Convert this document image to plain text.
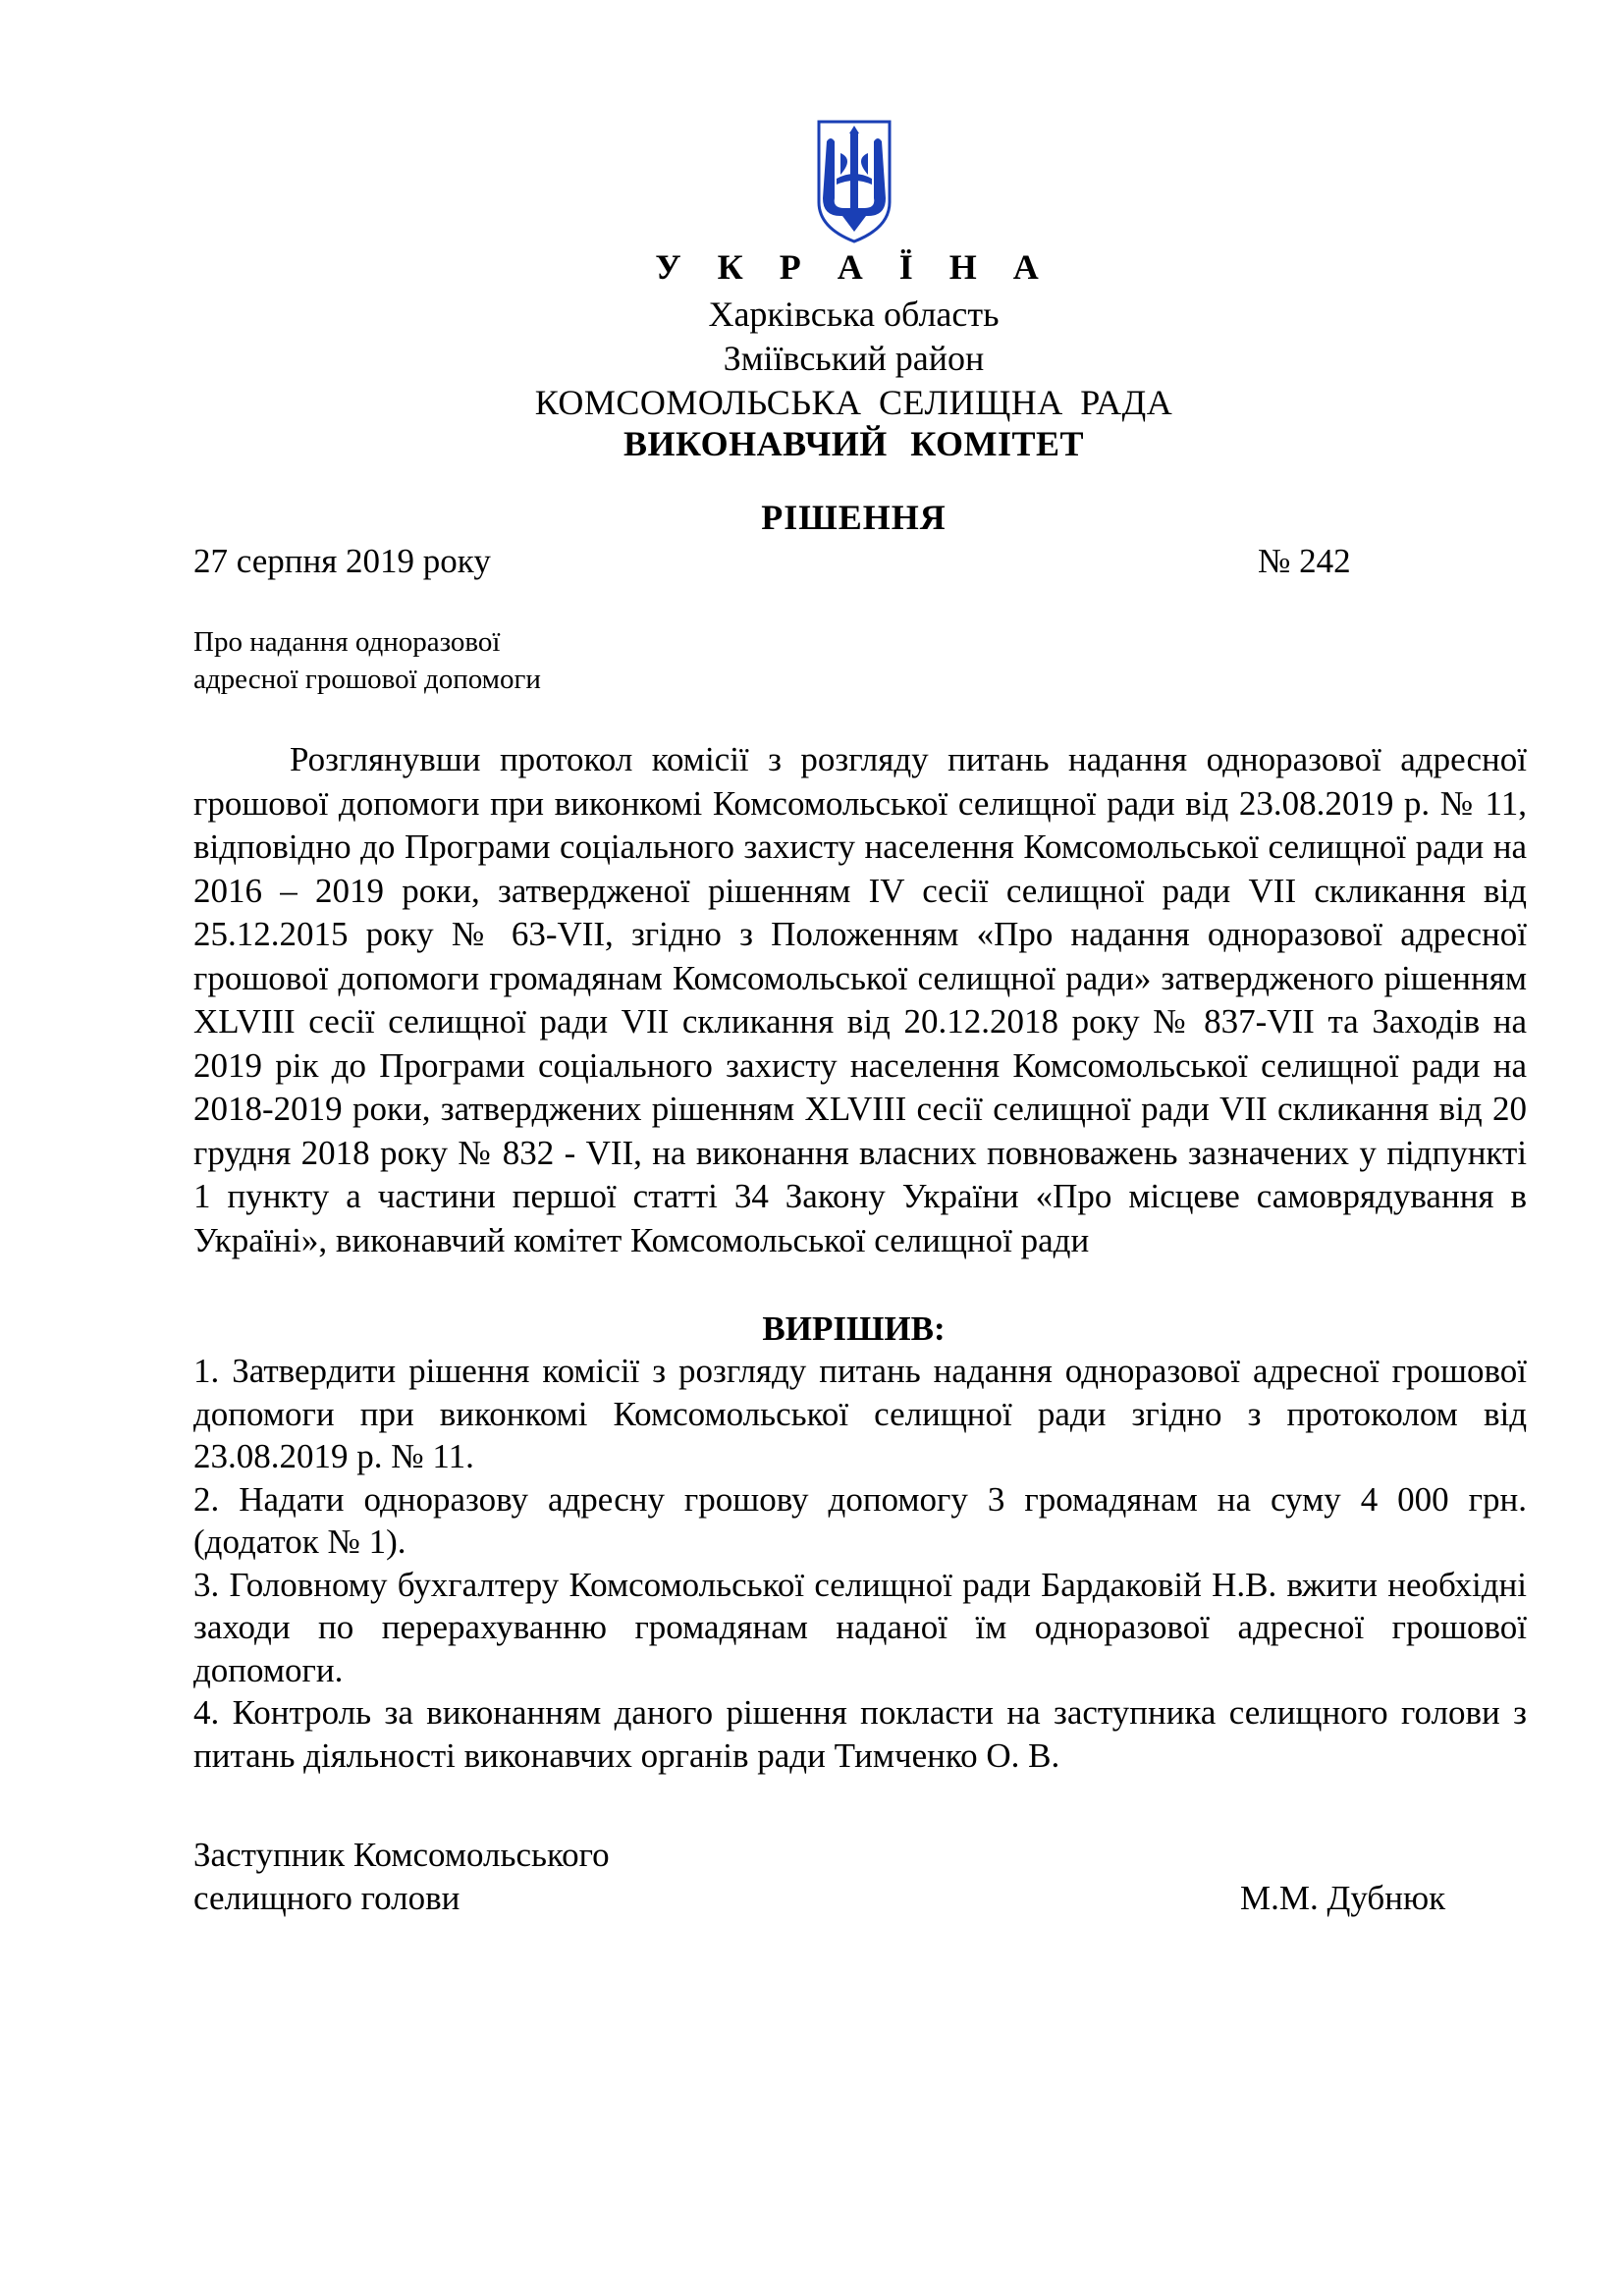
У К Р А Ї Н А
Харківська область
Зміївський район
КОМСОМОЛЬСЬКА СЕЛИЩНА РАДА
ВИКОНАВЧИЙ КОМІТЕТ
РІШЕННЯ
27 серпня 2019 року	№ 242
Про надання одноразової
адресної грошової допомоги

Розглянувши протокол комісії з розгляду питань надання одноразової адресної грошової допомоги при виконкомі Комсомольської селищної ради від 23.08.2019 р. № 11, відповідно до Програми соціального захисту населення Комсомольської селищної ради на 2016 – 2019 роки, затвердженої рішенням IV сесії селищної ради VII скликання від 25.12.2015 року № 63-VII, згідно з Положенням «Про надання одноразової адресної грошової допомоги громадянам Комсомольської селищної ради» затвердженого рішенням XLVIII сесії селищної ради VII скликання від 20.12.2018 року № 837-VII та Заходів на 2019 рік до Програми соціального захисту населення Комсомольської селищної ради на 2018-2019 роки, затверджених рішенням XLVIII сесії селищної ради VII скликання від 20 грудня 2018 року № 832 - VII, на виконання власних повноважень зазначених у підпункті 1 пункту а частини першої статті 34 Закону України «Про місцеве самоврядування в Україні», виконавчий комітет Комсомольської селищної ради

ВИРІШИВ:

1. Затвердити рішення комісії з розгляду питань надання одноразової адресної грошової допомоги при виконкомі Комсомольської селищної ради згідно з протоколом від 23.08.2019 р. № 11.

2. Надати одноразову адресну грошову допомогу 3 громадянам на суму 4 000 грн. (додаток № 1).

3. Головному бухгалтеру Комсомольської селищної ради Бардаковій Н.В. вжити необхідні заходи по перерахуванню громадянам наданої їм одноразової адресної грошової допомоги.

4. Контроль за виконанням даного рішення покласти на заступника селищного голови з питань діяльності виконавчих органів ради Тимченко О. В.

Заступник Комсомольського
селищного голови	М.М. Дубнюк
